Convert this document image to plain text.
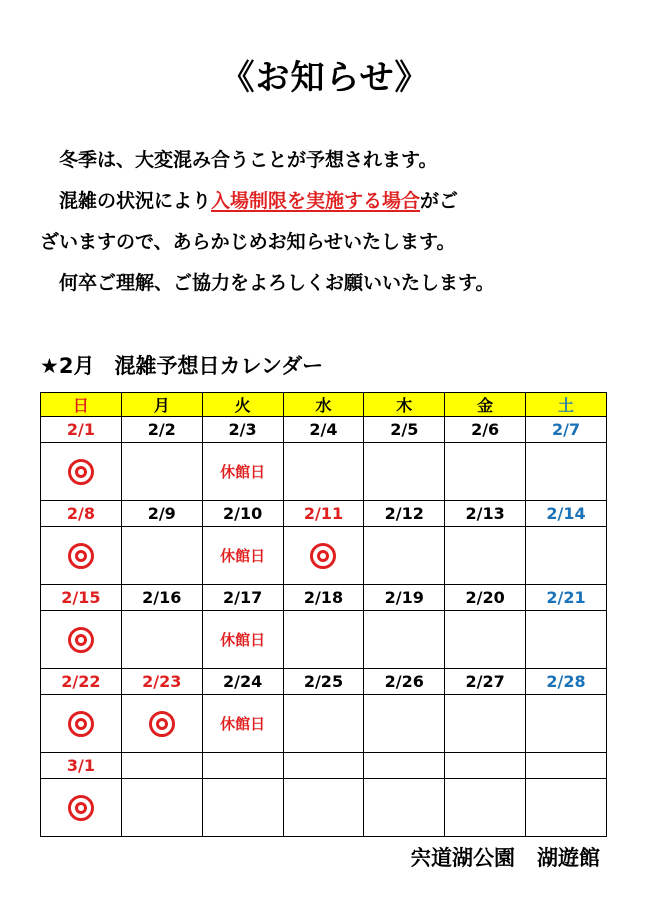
《お知らせ》

冬季は、大変混み合うことが予想されます。

混雑の状況により入場制限を実施する場合がご

ざいますので、あらかじめお知らせいたします。

何卒ご理解、ご協力をよろしくお願いいたします。

★2月 混雑予想日カレンダー
日	月	火	水	木	金	土
2/1	2/2	2/3	2/4	2/5	2/6	2/7
		休館日				
2/8	2/9	2/10	2/11	2/12	2/13	2/14
		休館日				
2/15	2/16	2/17	2/18	2/19	2/20	2/21
		休館日				
2/22	2/23	2/24	2/25	2/26	2/27	2/28
		休館日				
3/1						

宍道湖公園 湖遊館
